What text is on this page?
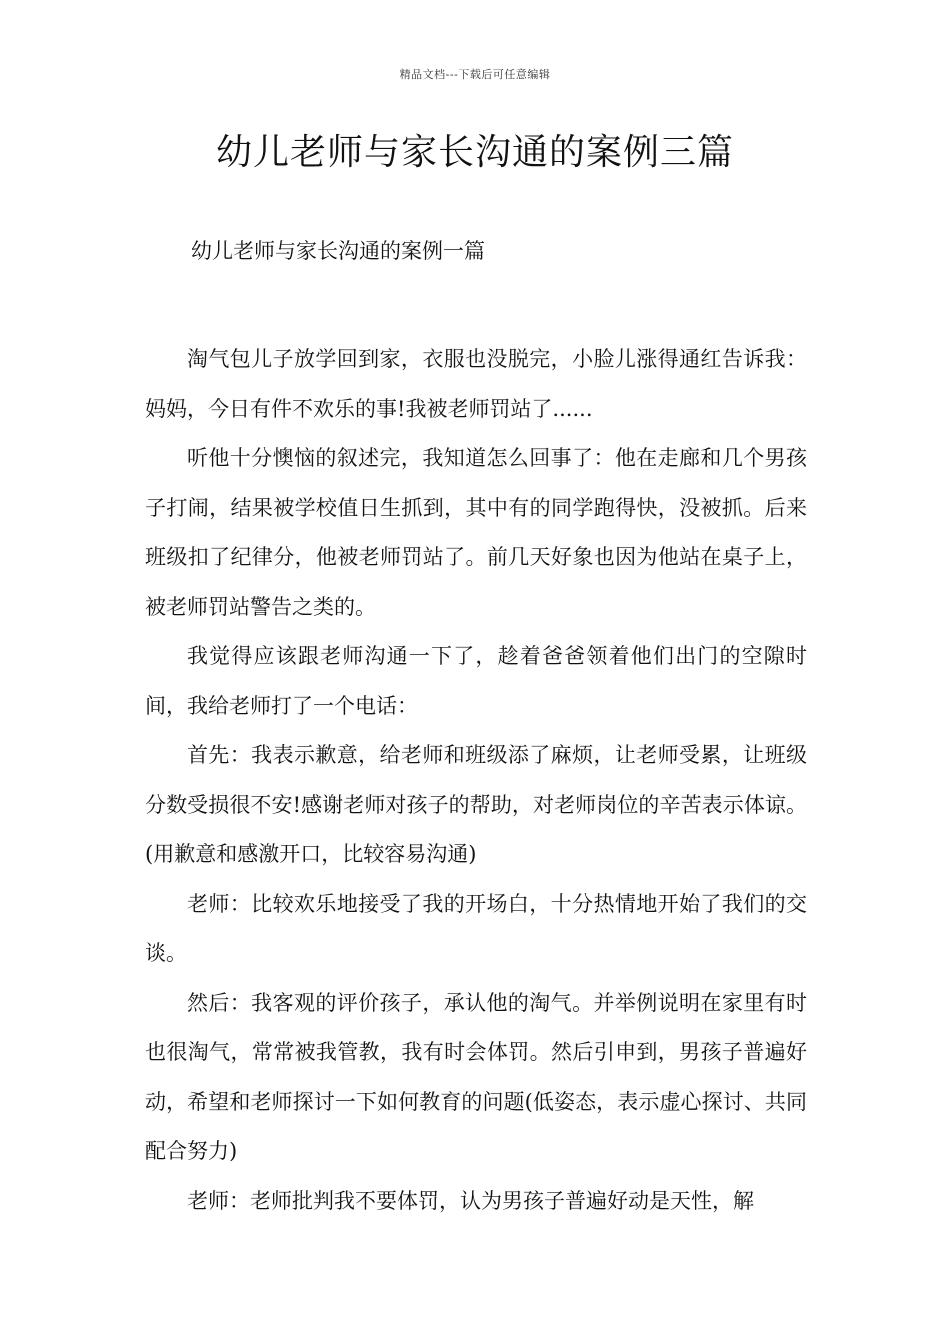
精品文档---下载后可任意编辑
幼儿老师与家长沟通的案例三篇
幼儿老师与家长沟通的案例一篇

淘气包儿子放学回到家，衣服也没脱完，小脸儿涨得通红告诉我：妈妈，今日有件不欢乐的事!我被老师罚站了......

听他十分懊恼的叙述完，我知道怎么回事了：他在走廊和几个男孩子打闹，结果被学校值日生抓到，其中有的同学跑得快，没被抓。后来班级扣了纪律分，他被老师罚站了。前几天好象也因为他站在桌子上，被老师罚站警告之类的。

我觉得应该跟老师沟通一下了，趁着爸爸领着他们出门的空隙时间，我给老师打了一个电话：

首先：我表示歉意，给老师和班级添了麻烦，让老师受累，让班级分数受损很不安!感谢老师对孩子的帮助，对老师岗位的辛苦表示体谅。(用歉意和感激开口，比较容易沟通)

老师：比较欢乐地接受了我的开场白，十分热情地开始了我们的交谈。

然后：我客观的评价孩子，承认他的淘气。并举例说明在家里有时也很淘气，常常被我管教，我有时会体罚。然后引申到，男孩子普遍好动，希望和老师探讨一下如何教育的问题(低姿态，表示虚心探讨、共同配合努力)

老师：老师批判我不要体罚，认为男孩子普遍好动是天性，解
